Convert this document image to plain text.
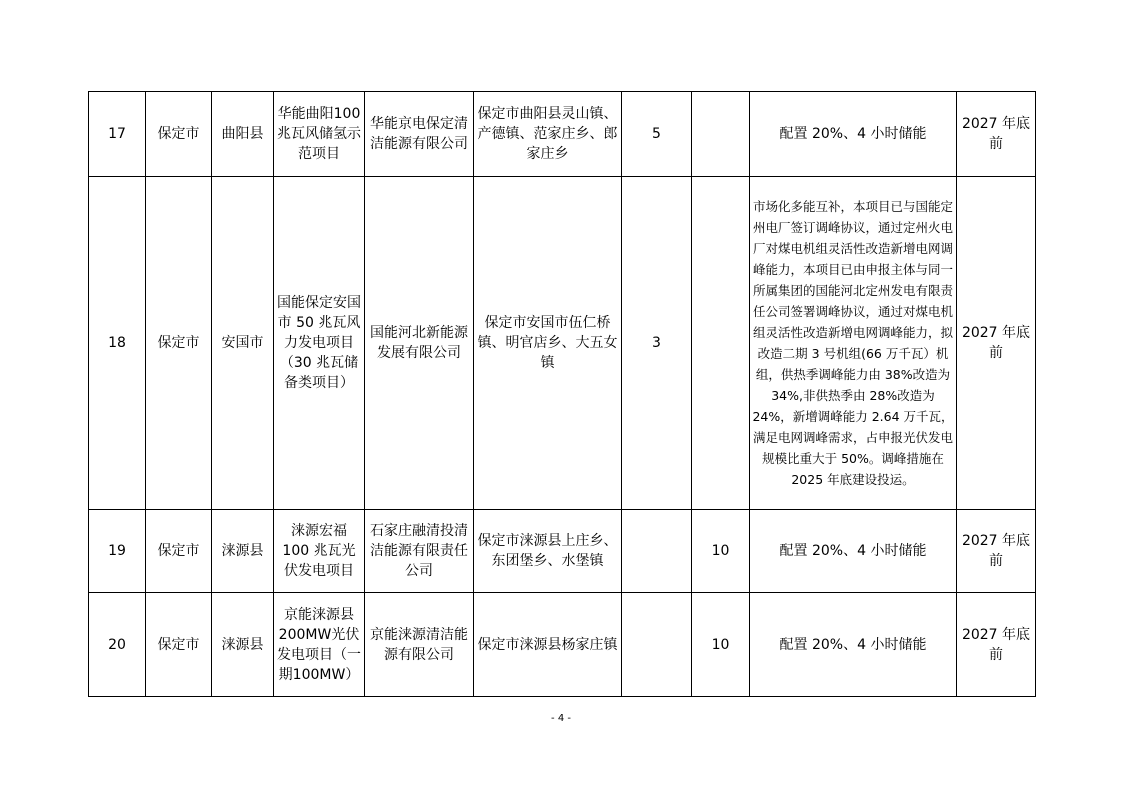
17	保定市	曲阳县	华能曲阳100兆瓦风储氢示范项目	华能京电保定清洁能源有限公司	保定市曲阳县灵山镇、产德镇、范家庄乡、郎家庄乡	5		配置 20%、4 小时储能	2027 年底前
18	保定市	安国市	国能保定安国市 50 兆瓦风力发电项目（30 兆瓦储备类项目）	国能河北新能源发展有限公司	保定市安国市伍仁桥镇、明官店乡、大五女镇	3		市场化多能互补，本项目已与国能定州电厂签订调峰协议，通过定州火电厂对煤电机组灵活性改造新增电网调峰能力，本项目已由申报主体与同一所属集团的国能河北定州发电有限责任公司签署调峰协议，通过对煤电机组灵活性改造新增电网调峰能力，拟改造二期 3 号机组(66 万千瓦）机组，供热季调峰能力由 38%改造为 34%,非供热季由 28%改造为 24%，新增调峰能力 2.64 万千瓦，满足电网调峰需求，占申报光伏发电规模比重大于 50%。调峰措施在 2025 年底建设投运。	2027 年底前
19	保定市	涞源县	涞源宏福 100 兆瓦光伏发电项目	石家庄融清投清洁能源有限责任公司	保定市涞源县上庄乡、东团堡乡、水堡镇		10	配置 20%、4 小时储能	2027 年底前
20	保定市	涞源县	京能涞源县200MW光伏发电项目（一期100MW）	京能涞源清洁能源有限公司	保定市涞源县杨家庄镇		10	配置 20%、4 小时储能	2027 年底前
- 4 -
